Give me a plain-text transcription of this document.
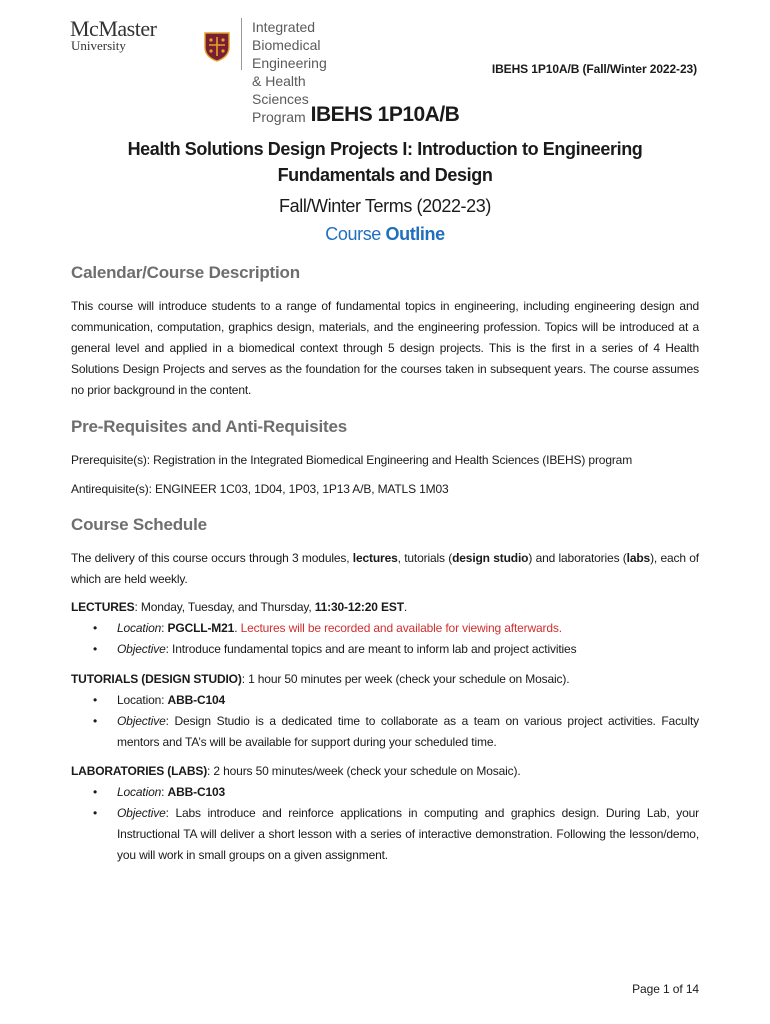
McMaster
University
Integrated Biomedical
Engineering & Health
Sciences Program
IBEHS 1P10A/B (Fall/Winter 2022-23)
IBEHS 1P10A/B
Health Solutions Design Projects I: Introduction to Engineering
Fundamentals and Design
Fall/Winter Terms (2022-23)
Course Outline
Calendar/Course Description

This course will introduce students to a range of fundamental topics in engineering, including engineering design and communication, computation, graphics design, materials, and the engineering profession. Topics will be introduced at a general level and applied in a biomedical context through 5 design projects. This is the first in a series of 4 Health Solutions Design Projects and serves as the foundation for the courses taken in subsequent years. The course assumes no prior background in the content.

Pre-Requisites and Anti-Requisites
Prerequisite(s): Registration in the Integrated Biomedical Engineering and Health Sciences (IBEHS) program
Antirequisite(s): ENGINEER 1C03, 1D04, 1P03, 1P13 A/B, MATLS 1M03
Course Schedule

The delivery of this course occurs through 3 modules, lectures, tutorials (design studio) and laboratories (labs), each of which are held weekly.

LECTURES: Monday, Tuesday, and Thursday, 11:30-12:20 EST.
• Location: PGCLL-M21. Lectures will be recorded and available for viewing afterwards.
• Objective: Introduce fundamental topics and are meant to inform lab and project activities
TUTORIALS (DESIGN STUDIO): 1 hour 50 minutes per week (check your schedule on Mosaic).
• Location: ABB-C104
• Objective: Design Studio is a dedicated time to collaborate as a team on various project activities. Faculty mentors and TA’s will be available for support during your scheduled time.
LABORATORIES (LABS): 2 hours 50 minutes/week (check your schedule on Mosaic).
• Location: ABB-C103
• Objective: Labs introduce and reinforce applications in computing and graphics design. During Lab, your Instructional TA will deliver a short lesson with a series of interactive demonstration. Following the lesson/demo, you will work in small groups on a given assignment.
Page 1 of 14
